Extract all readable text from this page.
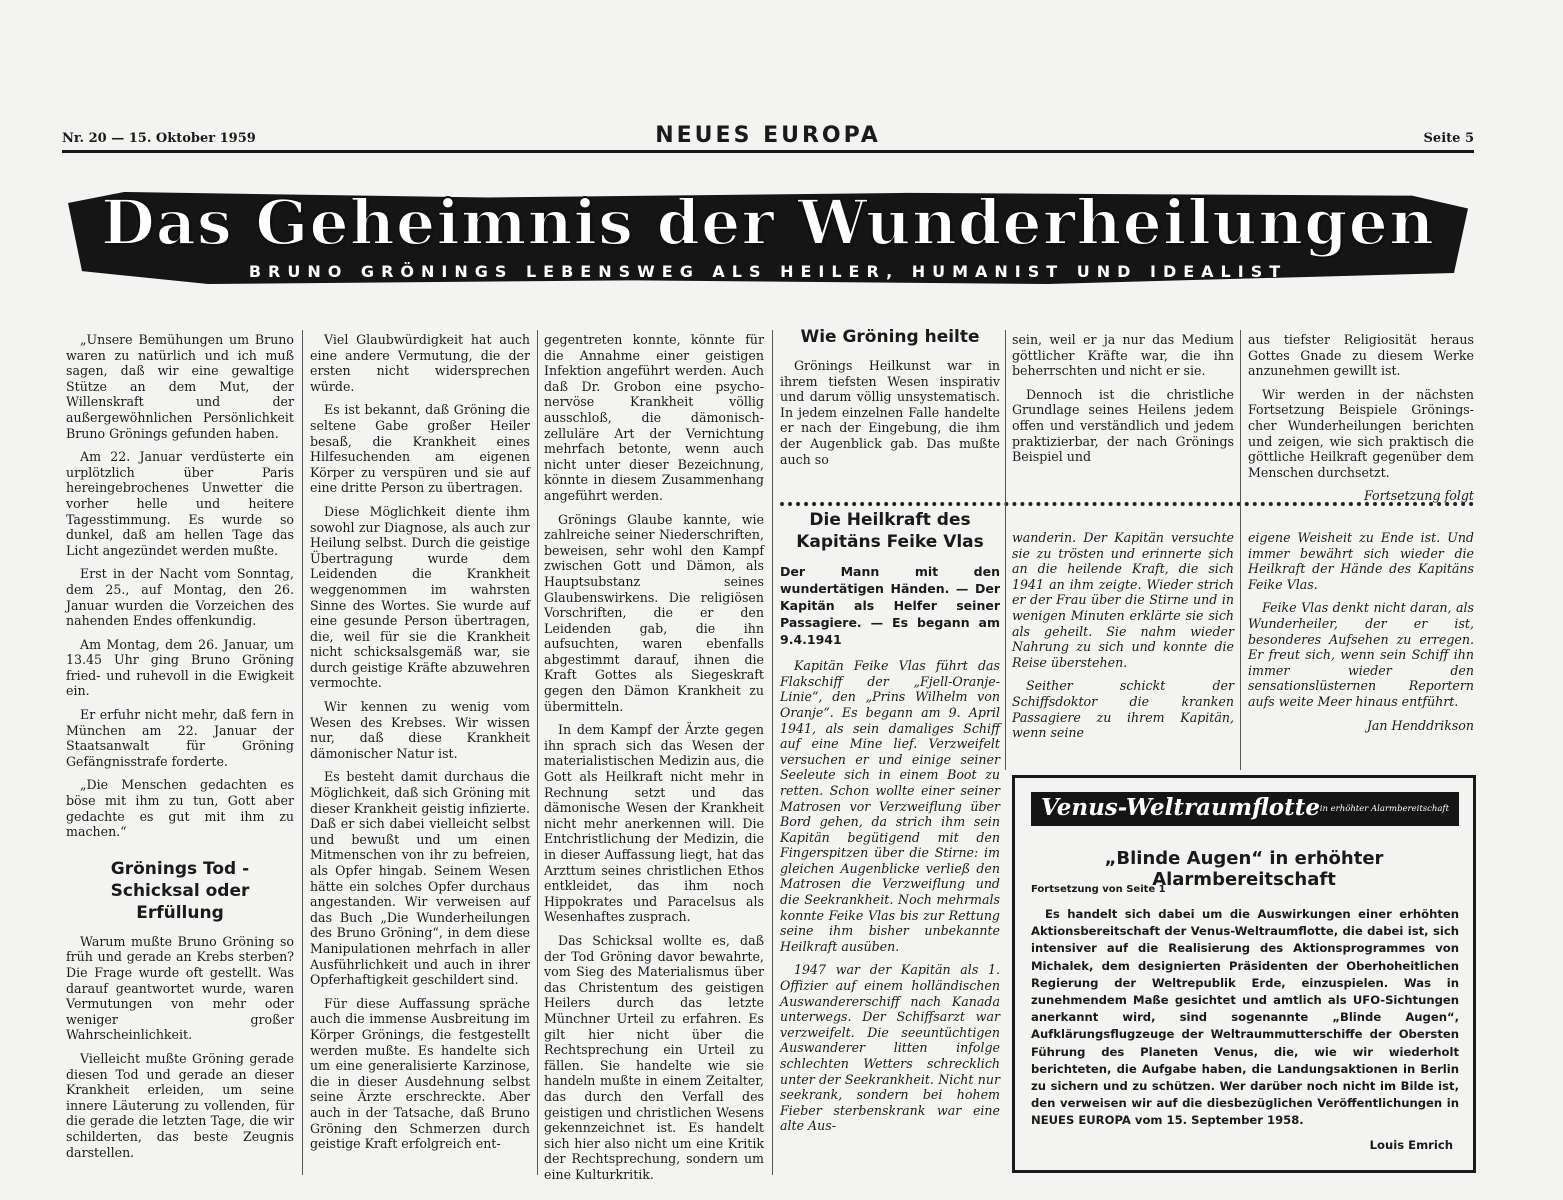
Nr. 20 — 15. Oktober 1959	NEUES EUROPA	Seite 5
Das Geheimnis der Wunderheilungen
BRUNO GRÖNINGS LEBENSWEG ALS HEILER, HUMANIST UND IDEALIST

„Unsere Bemühungen um Bruno waren zu natürlich und ich muß sagen, daß wir eine gewaltige Stütze an dem Mut, der Willenskraft und der außergewöhnlichen Persönlichkeit Bruno Grönings gefunden haben.

Am 22. Januar verdüsterte ein urplötzlich über Paris hereingebrochenes Unwetter die vorher helle und heitere Tagesstimmung. Es wurde so dunkel, daß am hellen Tage das Licht angezündet werden mußte.

Erst in der Nacht vom Sonntag, dem 25., auf Montag, den 26. Januar wurden die Vorzeichen des nahenden Endes offenkundig.

Am Montag, dem 26. Januar, um 13.45 Uhr ging Bruno Gröning fried- und ruhevoll in die Ewigkeit ein.

Er erfuhr nicht mehr, daß fern in München am 22. Januar der Staatsanwalt für Gröning Gefängnisstrafe forderte.

„Die Menschen gedachten es böse mit ihm zu tun, Gott aber gedachte es gut mit ihm zu machen.“

Grönings Tod - Schicksal oder Erfüllung

Warum mußte Bruno Gröning so früh und gerade an Krebs sterben? Die Frage wurde oft gestellt. Was darauf geantwortet wurde, waren Vermutungen von mehr oder weniger großer Wahrscheinlichkeit.

Vielleicht mußte Gröning gerade diesen Tod und gerade an dieser Krankheit erleiden, um seine innere Läuterung zu vollenden, für die gerade die letzten Tage, die wir schilderten, das beste Zeugnis darstellen.

Viel Glaubwürdigkeit hat auch eine andere Vermutung, die der ersten nicht widersprechen würde.

Es ist bekannt, daß Gröning die seltene Gabe großer Heiler besaß, die Krankheit eines Hilfesuchenden am eigenen Körper zu verspüren und sie auf eine dritte Person zu übertragen.

Diese Möglichkeit diente ihm sowohl zur Diagnose, als auch zur Heilung selbst. Durch die geistige Übertragung wurde dem Leidenden die Krankheit weggenommen im wahrsten Sinne des Wortes. Sie wurde auf eine gesunde Person übertragen, die, weil für sie die Krankheit nicht schicksalsgemäß war, sie durch geistige Kräfte abzuwehren vermochte.

Wir kennen zu wenig vom Wesen des Krebses. Wir wissen nur, daß diese Krankheit dämonischer Natur ist.

Es besteht damit durchaus die Möglichkeit, daß sich Gröning mit dieser Krankheit geistig infizierte. Daß er sich dabei vielleicht selbst und bewußt und um einen Mitmenschen von ihr zu befreien, als Opfer hingab. Seinem Wesen hätte ein solches Opfer durchaus angestanden. Wir verweisen auf das Buch „Die Wunderheilungen des Bruno Gröning“, in dem diese Manipulationen mehrfach in aller Ausführlichkeit und auch in ihrer Opferhaftigkeit geschildert sind.

Für diese Auffassung spräche auch die immense Ausbreitung im Körper Grönings, die festgestellt werden mußte. Es handelte sich um eine generalisierte Karzinose, die in dieser Ausdehnung selbst seine Ärzte erschreckte. Aber auch in der Tatsache, daß Bruno Gröning den Schmerzen durch geistige Kraft erfolgreich ent-

gegentreten konnte, könnte für die Annahme einer geistigen Infektion angeführt werden. Auch daß Dr. Grobon eine psycho-nervöse Krankheit völlig ausschloß, die dämonisch-zelluläre Art der Vernichtung mehrfach betonte, wenn auch nicht unter dieser Bezeichnung, könnte in diesem Zusammenhang angeführt werden.

Grönings Glaube kannte, wie zahlreiche seiner Niederschriften, beweisen, sehr wohl den Kampf zwischen Gott und Dämon, als Hauptsubstanz seines Glaubenswirkens. Die religiösen Vorschriften, die er den Leidenden gab, die ihn aufsuchten, waren ebenfalls abgestimmt darauf, ihnen die Kraft Gottes als Siegeskraft gegen den Dämon Krankheit zu übermitteln.

In dem Kampf der Ärzte gegen ihn sprach sich das Wesen der materialistischen Medizin aus, die Gott als Heilkraft nicht mehr in Rechnung setzt und das dämonische Wesen der Krankheit nicht mehr anerkennen will. Die Entchristlichung der Medizin, die in dieser Auffassung liegt, hat das Arzttum seines christlichen Ethos entkleidet, das ihm noch Hippokrates und Paracelsus als Wesenhaftes zusprach.

Das Schicksal wollte es, daß der Tod Gröning davor bewahrte, vom Sieg des Materialismus über das Christentum des geistigen Heilers durch das letzte Münchner Urteil zu erfahren. Es gilt hier nicht über die Rechtsprechung ein Urteil zu fällen. Sie handelte wie sie handeln mußte in einem Zeitalter, das durch den Verfall des geistigen und christlichen Wesens gekennzeichnet ist. Es handelt sich hier also nicht um eine Kritik der Rechtsprechung, sondern um eine Kulturkritik.

Wie Gröning heilte

Grönings Heilkunst war in ihrem tiefsten Wesen inspirativ und darum völlig unsystematisch. In jedem einzelnen Falle handelte er nach der Eingebung, die ihm der Augenblick gab. Das mußte auch so

Die Heilkraft des Kapitäns Feike Vlas
Der Mann mit den wundertätigen Händen. — Der Kapitän als Helfer seiner Passagiere. — Es begann am 9.4.1941

Kapitän Feike Vlas führt das Flakschiff der „Fjell-Oranje-Linie“, den „Prins Wilhelm von Oranje“. Es begann am 9. April 1941, als sein damaliges Schiff auf eine Mine lief. Verzweifelt versuchen er und einige seiner Seeleute sich in einem Boot zu retten. Schon wollte einer seiner Matrosen vor Verzweiflung über Bord gehen, da strich ihm sein Kapitän begütigend mit den Fingerspitzen über die Stirne: im gleichen Augenblicke verließ den Matrosen die Verzweiflung und die Seekrankheit. Noch mehrmals konnte Feike Vlas bis zur Rettung seine ihm bisher unbekannte Heilkraft ausüben.

1947 war der Kapitän als 1. Offizier auf einem holländischen Auswandererschiff nach Kanada unterwegs. Der Schiffsarzt war verzweifelt. Die seeuntüchtigen Auswanderer litten infolge schlechten Wetters schrecklich unter der Seekrankheit. Nicht nur seekrank, sondern bei hohem Fieber sterbenskrank war eine alte Aus-

sein, weil er ja nur das Medium göttlicher Kräfte war, die ihn beherrschten und nicht er sie.

Dennoch ist die christliche Grundlage seines Heilens jedem offen und verständlich und jedem praktizierbar, der nach Grönings Beispiel und

wanderin. Der Kapitän versuchte sie zu trösten und erinnerte sich an die heilende Kraft, die sich 1941 an ihm zeigte. Wieder strich er der Frau über die Stirne und in wenigen Minuten erklärte sie sich als geheilt. Sie nahm wieder Nahrung zu sich und konnte die Reise überstehen.

Seither schickt der Schiffsdoktor die kranken Passagiere zu ihrem Kapitän, wenn seine

aus tiefster Religiosität heraus Gottes Gnade zu diesem Werke anzunehmen gewillt ist.

Wir werden in der nächsten Fortsetzung Beispiele Gröningscher Wunderheilungen berichten und zeigen, wie sich praktisch die göttliche Heilkraft gegenüber dem Menschen durchsetzt.

Fortsetzung folgt

eigene Weisheit zu Ende ist. Und immer bewährt sich wieder die Heilkraft der Hände des Kapitäns Feike Vlas.

Feike Vlas denkt nicht daran, als Wunderheiler, der er ist, besonderes Aufsehen zu erregen. Er freut sich, wenn sein Schiff ihn immer wieder den sensationslüsternen Reportern aufs weite Meer hinaus entführt.

Jan Henddrikson

Venus-Weltraumflotte in erhöhter Alarmbereitschaft
„Blinde Augen“ in erhöhter Alarmbereitschaft
Fortsetzung von Seite 1

Es handelt sich dabei um die Auswirkungen einer erhöhten Aktionsbereitschaft der Venus-Weltraumflotte, die dabei ist, sich intensiver auf die Realisierung des Aktionsprogrammes von Michalek, dem designierten Präsidenten der Oberhoheitlichen Regierung der Weltrepublik Erde, einzuspielen. Was in zunehmendem Maße gesichtet und amtlich als UFO-Sichtungen anerkannt wird, sind sogenannte „Blinde Augen“, Aufklärungsflugzeuge der Weltraummutterschiffe der Obersten Führung des Planeten Venus, die, wie wir wiederholt berichteten, die Aufgabe haben, die Landungsaktionen in Berlin zu sichern und zu schützen. Wer darüber noch nicht im Bilde ist, den verweisen wir auf die diesbezüglichen Veröffentlichungen in NEUES EUROPA vom 15. September 1958.

Louis Emrich
